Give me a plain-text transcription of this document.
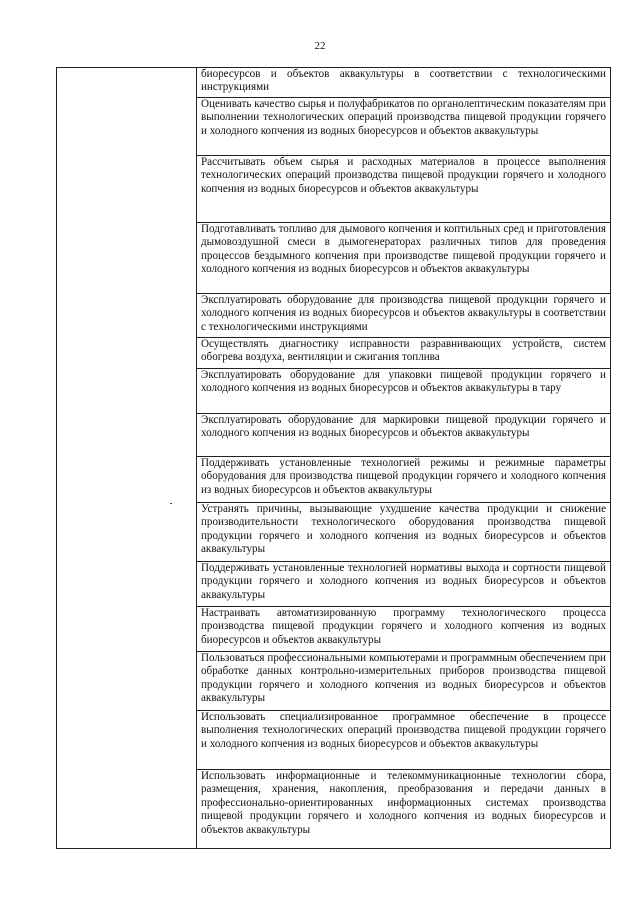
22
биоресурсов и объектов аквакультуры в соответствии с технологическими инструкциями
Оценивать качество сырья и полуфабрикатов по органолептическим показателям при выполнении технологических операций производства пищевой продукции горячего и холодного копчения из водных биоресурсов и объектов аквакультуры
Рассчитывать объем сырья и расходных материалов в процессе выполнения технологических операций производства пищевой продукции горячего и холодного копчения из водных биоресурсов и объектов аквакультуры
Подготавливать топливо для дымового копчения и коптильных сред и приготовления дымовоздушной смеси в дымогенераторах различных типов для проведения процессов бездымного копчения при производстве пищевой продукции горячего и холодного копчения из водных биоресурсов и объектов аквакультуры
Эксплуатировать оборудование для производства пищевой продукции горячего и холодного копчения из водных биоресурсов и объектов аквакультуры в соответствии с технологическими инструкциями
Осуществлять диагностику исправности разравнивающих устройств, систем обогрева воздуха, вентиляции и сжигания топлива
Эксплуатировать оборудование для упаковки пищевой продукции горячего и холодного копчения из водных биоресурсов и объектов аквакультуры в тару
Эксплуатировать оборудование для маркировки пищевой продукции горячего и холодного копчения из водных биоресурсов и объектов аквакультуры
Поддерживать установленные технологией режимы и режимные параметры оборудования для производства пищевой продукции горячего и холодного копчения из водных биоресурсов и объектов аквакультуры
Устранять причины, вызывающие ухудшение качества продукции и снижение производительности технологического оборудования производства пищевой продукции горячего и холодного копчения из водных биоресурсов и объектов аквакультуры
Поддерживать установленные технологией нормативы выхода и сортности пищевой продукции горячего и холодного копчения из водных биоресурсов и объектов аквакультуры
Настраивать автоматизированную программу технологического процесса производства пищевой продукции горячего и холодного копчения из водных биоресурсов и объектов аквакультуры
Пользоваться профессиональными компьютерами и программным обеспечением при обработке данных контрольно-измерительных приборов производства пищевой продукции горячего и холодного копчения из водных биоресурсов и объектов аквакультуры
Использовать специализированное программное обеспечение в процессе выполнения технологических операций производства пищевой продукции горячего и холодного копчения из водных биоресурсов и объектов аквакультуры
Использовать информационные и телекоммуникационные технологии сбора, размещения, хранения, накопления, преобразования и передачи данных в профессионально-ориентированных информационных системах производства пищевой продукции горячего и холодного копчения из водных биоресурсов и объектов аквакультуры
